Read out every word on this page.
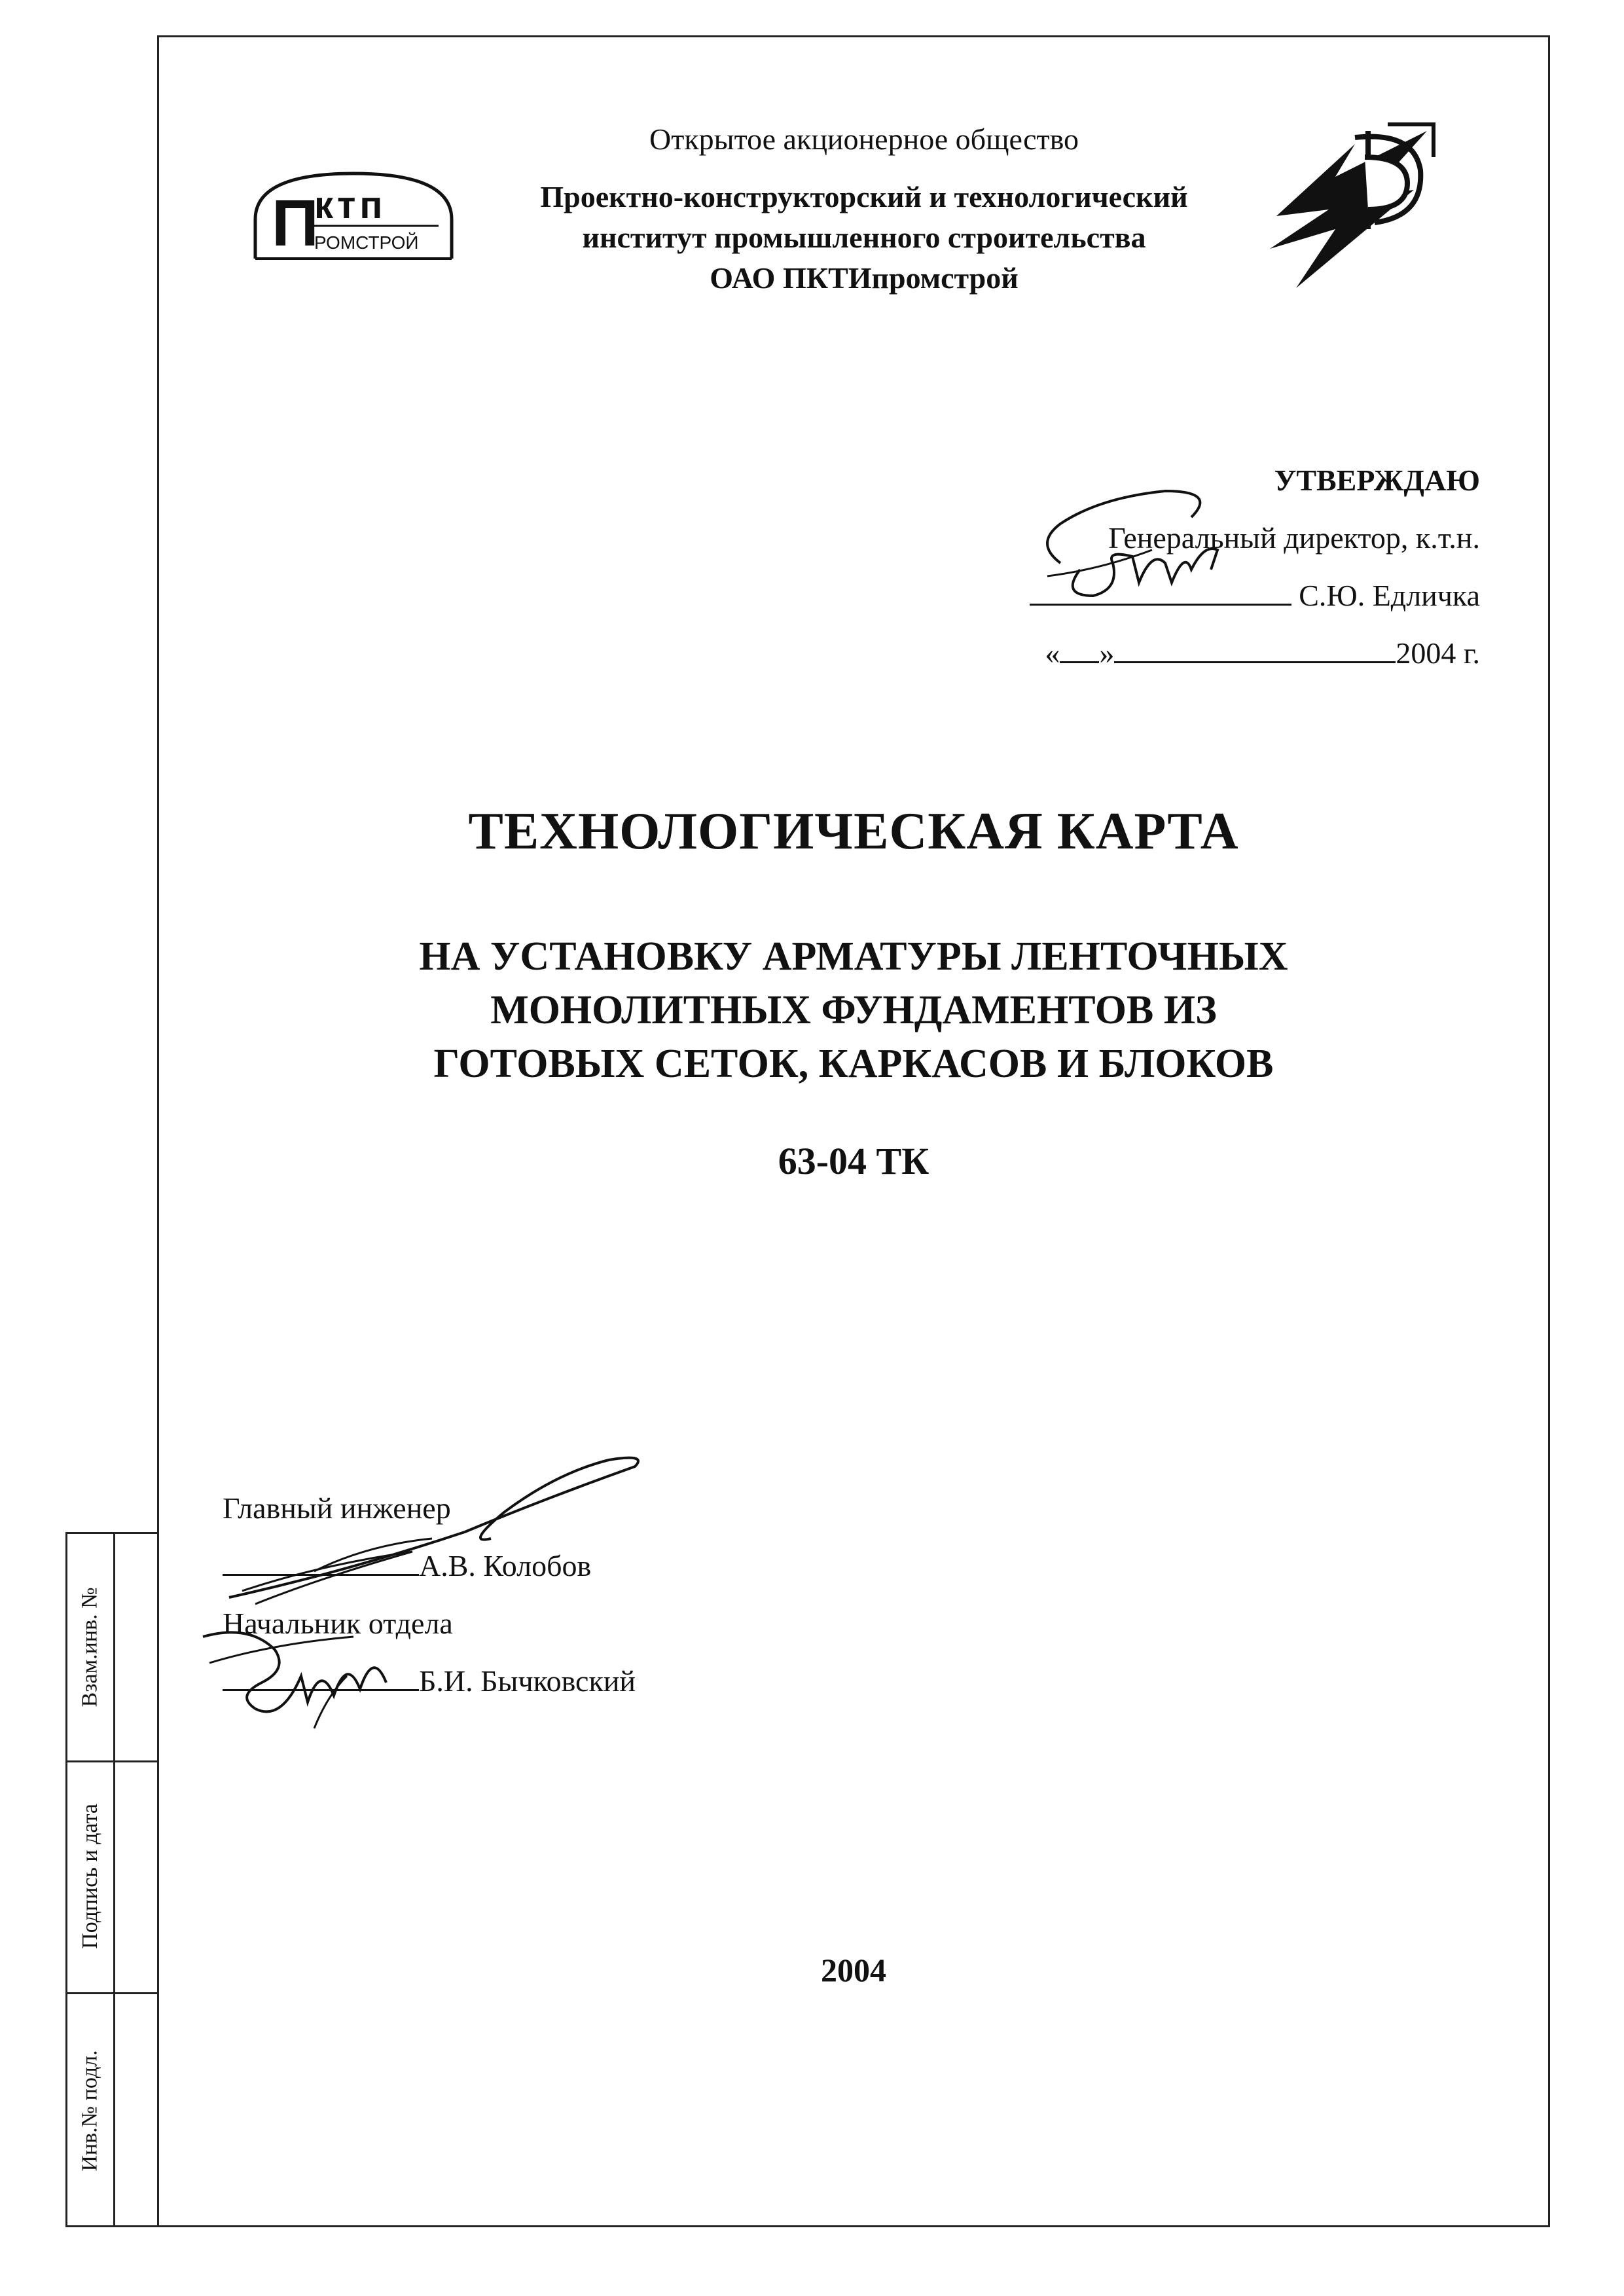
Взам.инв. №
Подпись и дата
Инв.№ подл.
П
ктп
РОМСТРОЙ
Открытое акционерное общество
Проектно-конструкторский и технологический
институт промышленного строительства
ОАО ПКТИпромстрой
УТВЕРЖДАЮ
Генеральный директор, к.т.н.
С.Ю. Едличка
« »	2004 г.
ТЕХНОЛОГИЧЕСКАЯ КАРТА
НА УСТАНОВКУ АРМАТУРЫ ЛЕНТОЧНЫХ
МОНОЛИТНЫХ ФУНДАМЕНТОВ ИЗ
ГОТОВЫХ СЕТОК, КАРКАСОВ И БЛОКОВ
63-04 ТК
Главный инженер
А.В. Колобов
Начальник отдела
Б.И. Бычковский
2004
